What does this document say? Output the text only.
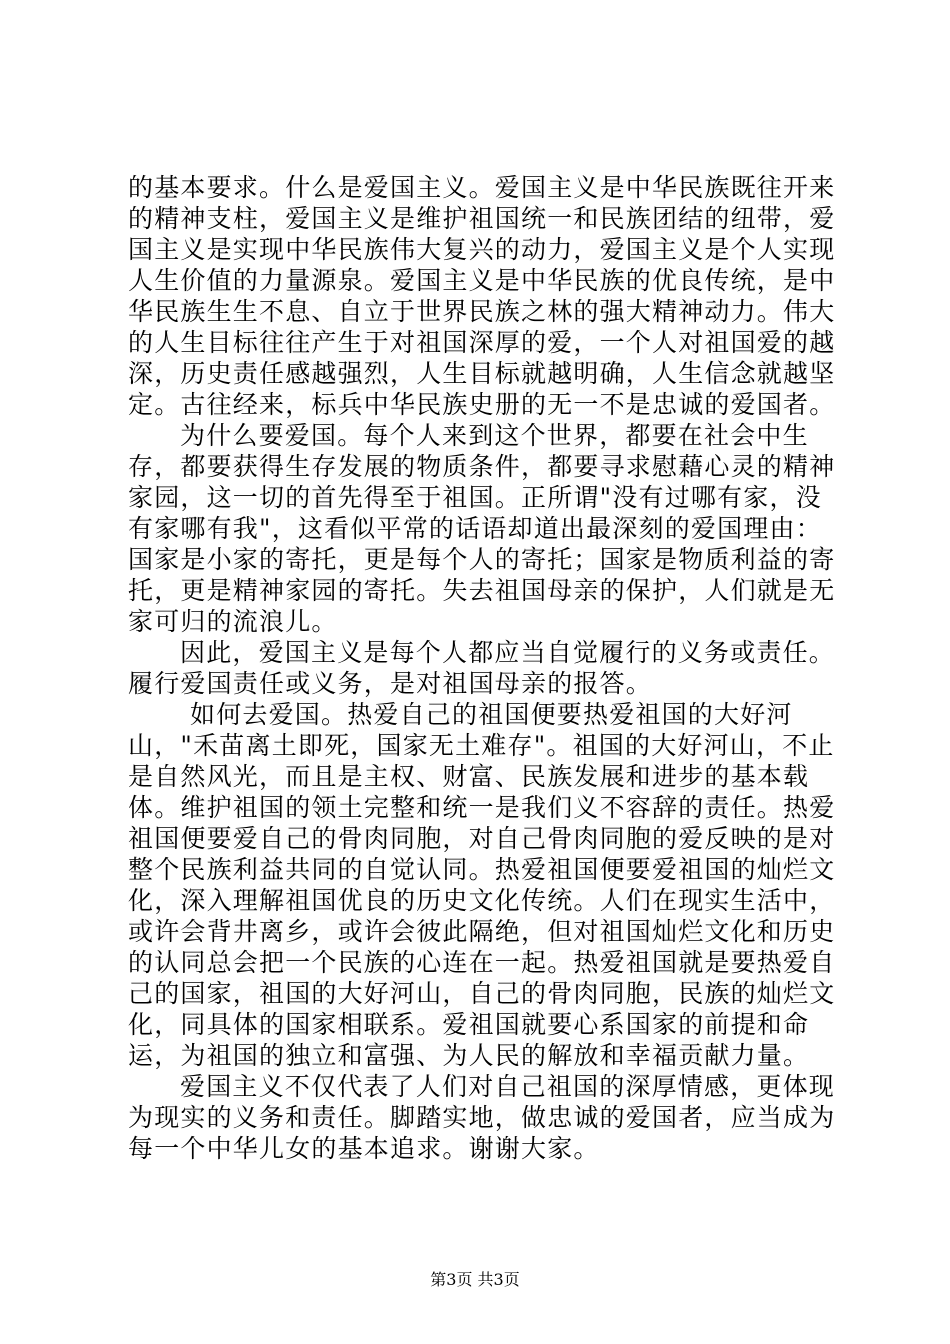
的基本要求。什么是爱国主义。爱国主义是中华民族既往开来的精神支柱，爱国主义是维护祖国统一和民族团结的纽带，爱国主义是实现中华民族伟大复兴的动力，爱国主义是个人实现人生价值的力量源泉。爱国主义是中华民族的优良传统，是中华民族生生不息、自立于世界民族之林的强大精神动力。伟大的人生目标往往产生于对祖国深厚的爱，一个人对祖国爱的越深，历史责任感越强烈，人生目标就越明确，人生信念就越坚定。古往经来，标兵中华民族史册的无一不是忠诚的爱国者。

为什么要爱国。每个人来到这个世界，都要在社会中生存，都要获得生存发展的物质条件，都要寻求慰藉心灵的精神家园，这一切的首先得至于祖国。正所谓"没有过哪有家，没有家哪有我"，这看似平常的话语却道出最深刻的爱国理由：国家是小家的寄托，更是每个人的寄托；国家是物质利益的寄托，更是精神家园的寄托。失去祖国母亲的保护，人们就是无家可归的流浪儿。

因此，爱国主义是每个人都应当自觉履行的义务或责任。履行爱国责任或义务，是对祖国母亲的报答。

如何去爱国。热爱自己的祖国便要热爱祖国的大好河山，"禾苗离土即死，国家无土难存"。祖国的大好河山，不止是自然风光，而且是主权、财富、民族发展和进步的基本载体。维护祖国的领土完整和统一是我们义不容辞的责任。热爱祖国便要爱自己的骨肉同胞，对自己骨肉同胞的爱反映的是对整个民族利益共同的自觉认同。热爱祖国便要爱祖国的灿烂文化，深入理解祖国优良的历史文化传统。人们在现实生活中，或许会背井离乡，或许会彼此隔绝，但对祖国灿烂文化和历史的认同总会把一个民族的心连在一起。热爱祖国就是要热爱自己的国家，祖国的大好河山，自己的骨肉同胞，民族的灿烂文化，同具体的国家相联系。爱祖国就要心系国家的前提和命运，为祖国的独立和富强、为人民的解放和幸福贡献力量。

爱国主义不仅代表了人们对自己祖国的深厚情感，更体现为现实的义务和责任。脚踏实地，做忠诚的爱国者，应当成为每一个中华儿女的基本追求。谢谢大家。

第3页 共3页
